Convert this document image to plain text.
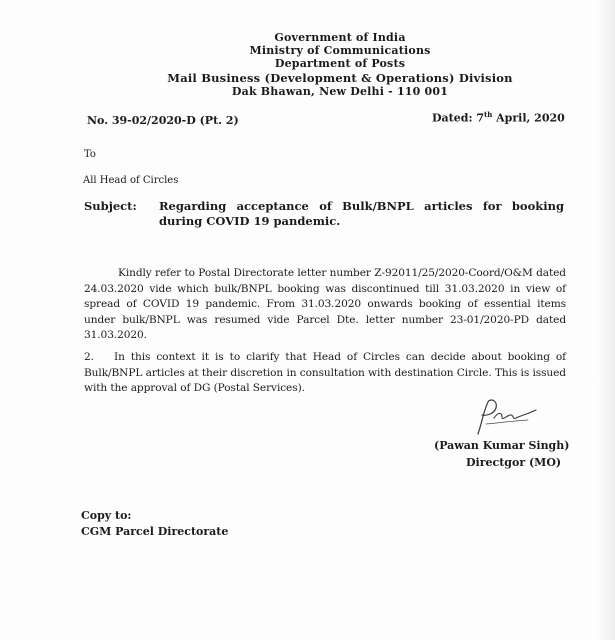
Government of India
Ministry of Communications
Department of Posts
Mail Business (Development & Operations) Division
Dak Bhawan, New Delhi - 110 001
No. 39-02/2020-D (Pt. 2)	Dated: 7th April, 2020
To
All Head of Circles
Subject: Regarding acceptance of Bulk/BNPL articles for booking during COVID 19 pandemic.
Kindly refer to Postal Directorate letter number Z-92011/25/2020-Coord/O&M dated 24.03.2020 vide which bulk/BNPL booking was discontinued till 31.03.2020 in view of spread of COVID 19 pandemic. From 31.03.2020 onwards booking of essential items under bulk/BNPL was resumed vide Parcel Dte. letter number 23-01/2020-PD dated 31.03.2020.
2. In this context it is to clarify that Head of Circles can decide about booking of Bulk/BNPL articles at their discretion in consultation with destination Circle. This is issued with the approval of DG (Postal Services).
(Pawan Kumar Singh)
Directgor (MO)
Copy to:
CGM Parcel Directorate
